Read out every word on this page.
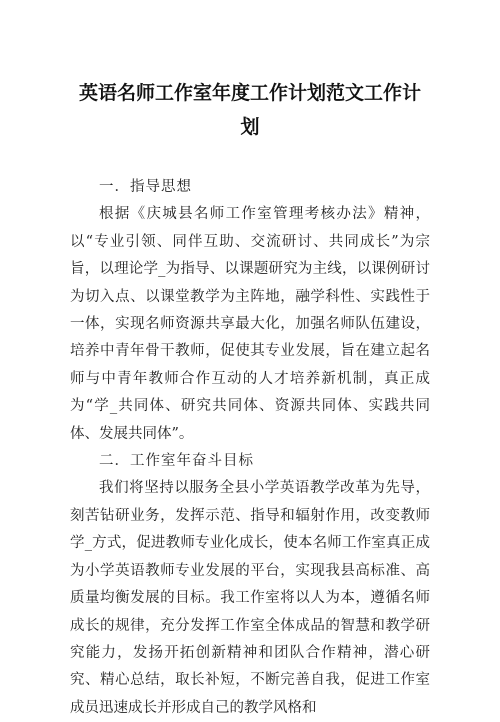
英语名师工作室年度工作计划范文工作计划

一．指导思想

根据《庆城县名师工作室管理考核办法》精神，以“专业引领、同伴互助、交流研讨、共同成长”为宗旨，以理论学_为指导、以课题研究为主线，以课例研讨为切入点、以课堂教学为主阵地，融学科性、实践性于一体，实现名师资源共享最大化，加强名师队伍建设，培养中青年骨干教师，促使其专业发展，旨在建立起名师与中青年教师合作互动的人才培养新机制，真正成为“学_共同体、研究共同体、资源共同体、实践共同体、发展共同体”。

二．工作室年奋斗目标

我们将坚持以服务全县小学英语教学改革为先导，刻苦钻研业务，发挥示范、指导和辐射作用，改变教师学_方式，促进教师专业化成长，使本名师工作室真正成为小学英语教师专业发展的平台，实现我县高标准、高质量均衡发展的目标。我工作室将以人为本，遵循名师成长的规律，充分发挥工作室全体成品的智慧和教学研究能力，发扬开拓创新精神和团队合作精神，潜心研究、精心总结，取长补短，不断完善自我，促进工作室成员迅速成长并形成自己的教学风格和
